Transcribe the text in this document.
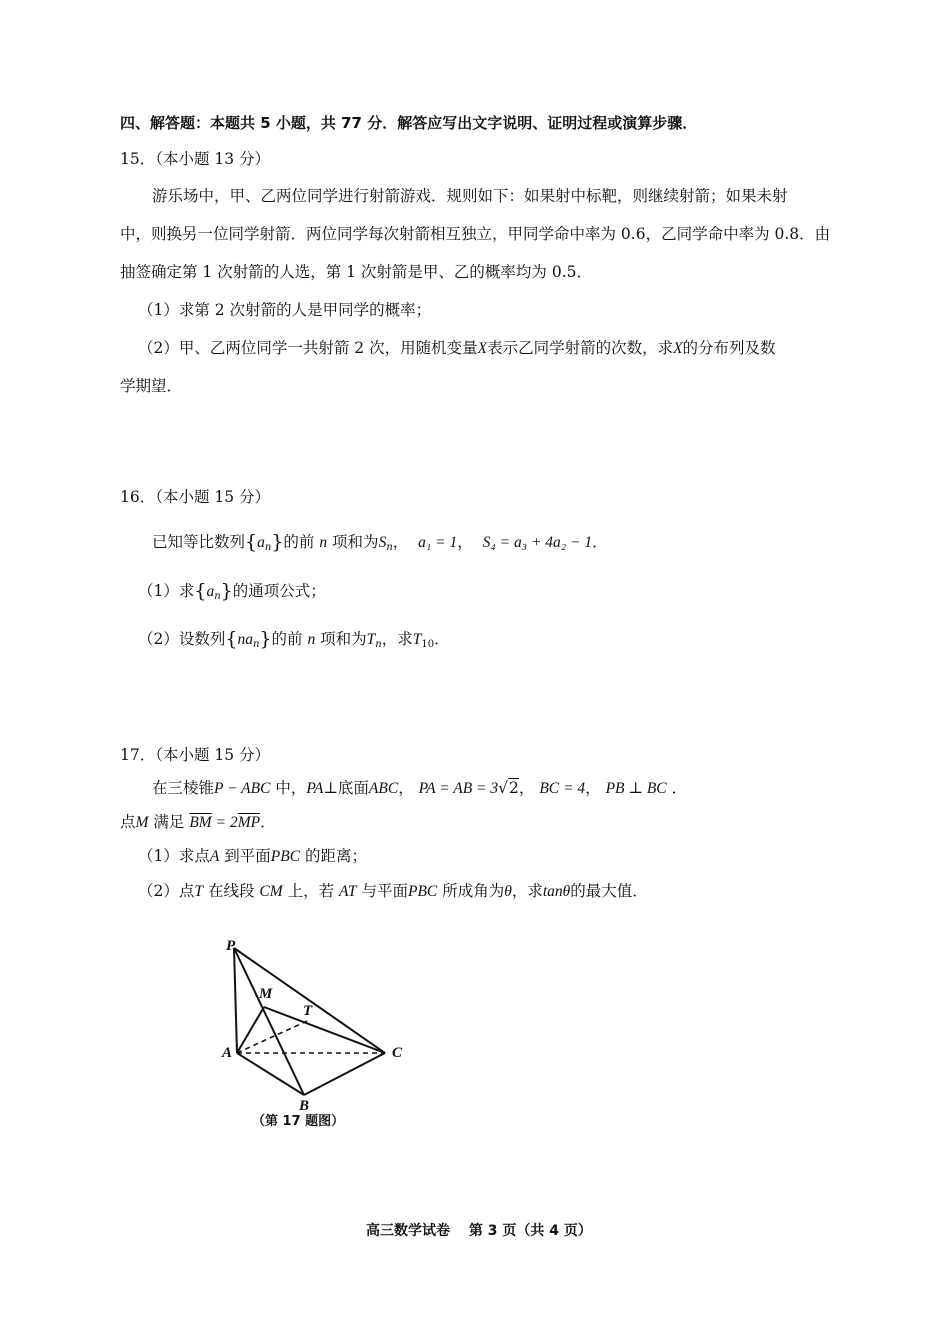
四、解答题：本题共 5 小题，共 77 分．解答应写出文字说明、证明过程或演算步骤．
15．（本小题 13 分）
游乐场中，甲、乙两位同学进行射箭游戏．规则如下：如果射中标靶，则继续射箭；如果未射
中，则换另一位同学射箭．两位同学每次射箭相互独立，甲同学命中率为 0.6，乙同学命中率为 0.8．由
抽签确定第 1 次射箭的人选，第 1 次射箭是甲、乙的概率均为 0.5．
（1）求第 2 次射箭的人是甲同学的概率；
（2）甲、乙两位同学一共射箭 2 次，用随机变量X表示乙同学射箭的次数，求X的分布列及数
学期望．
16．（本小题 15 分）
已知等比数列{an}的前 n 项和为Sn，  a₁ = 1，  S₄ = a₃ + 4a₂ − 1．
（1）求{an}的通项公式；
（2）设数列{nan}的前 n 项和为Tn，求$T_{10}$．
17．（本小题 15 分）
在三棱锥P − ABC 中，PA⊥底面ABC， PA = AB = 3√2， BC = 4， PB ⊥ BC ．
点M 满足 $\overline{BM} = 2\overline{MP}$．
（1）求点A 到平面PBC 的距离；
（2）点T 在线段 CM 上，若 AT 与平面PBC 所成角为θ，求tanθ的最大值．
P
M
T
A	C
B
（第 17 题图）
高三数学试卷　 第 3 页（共 4 页）
